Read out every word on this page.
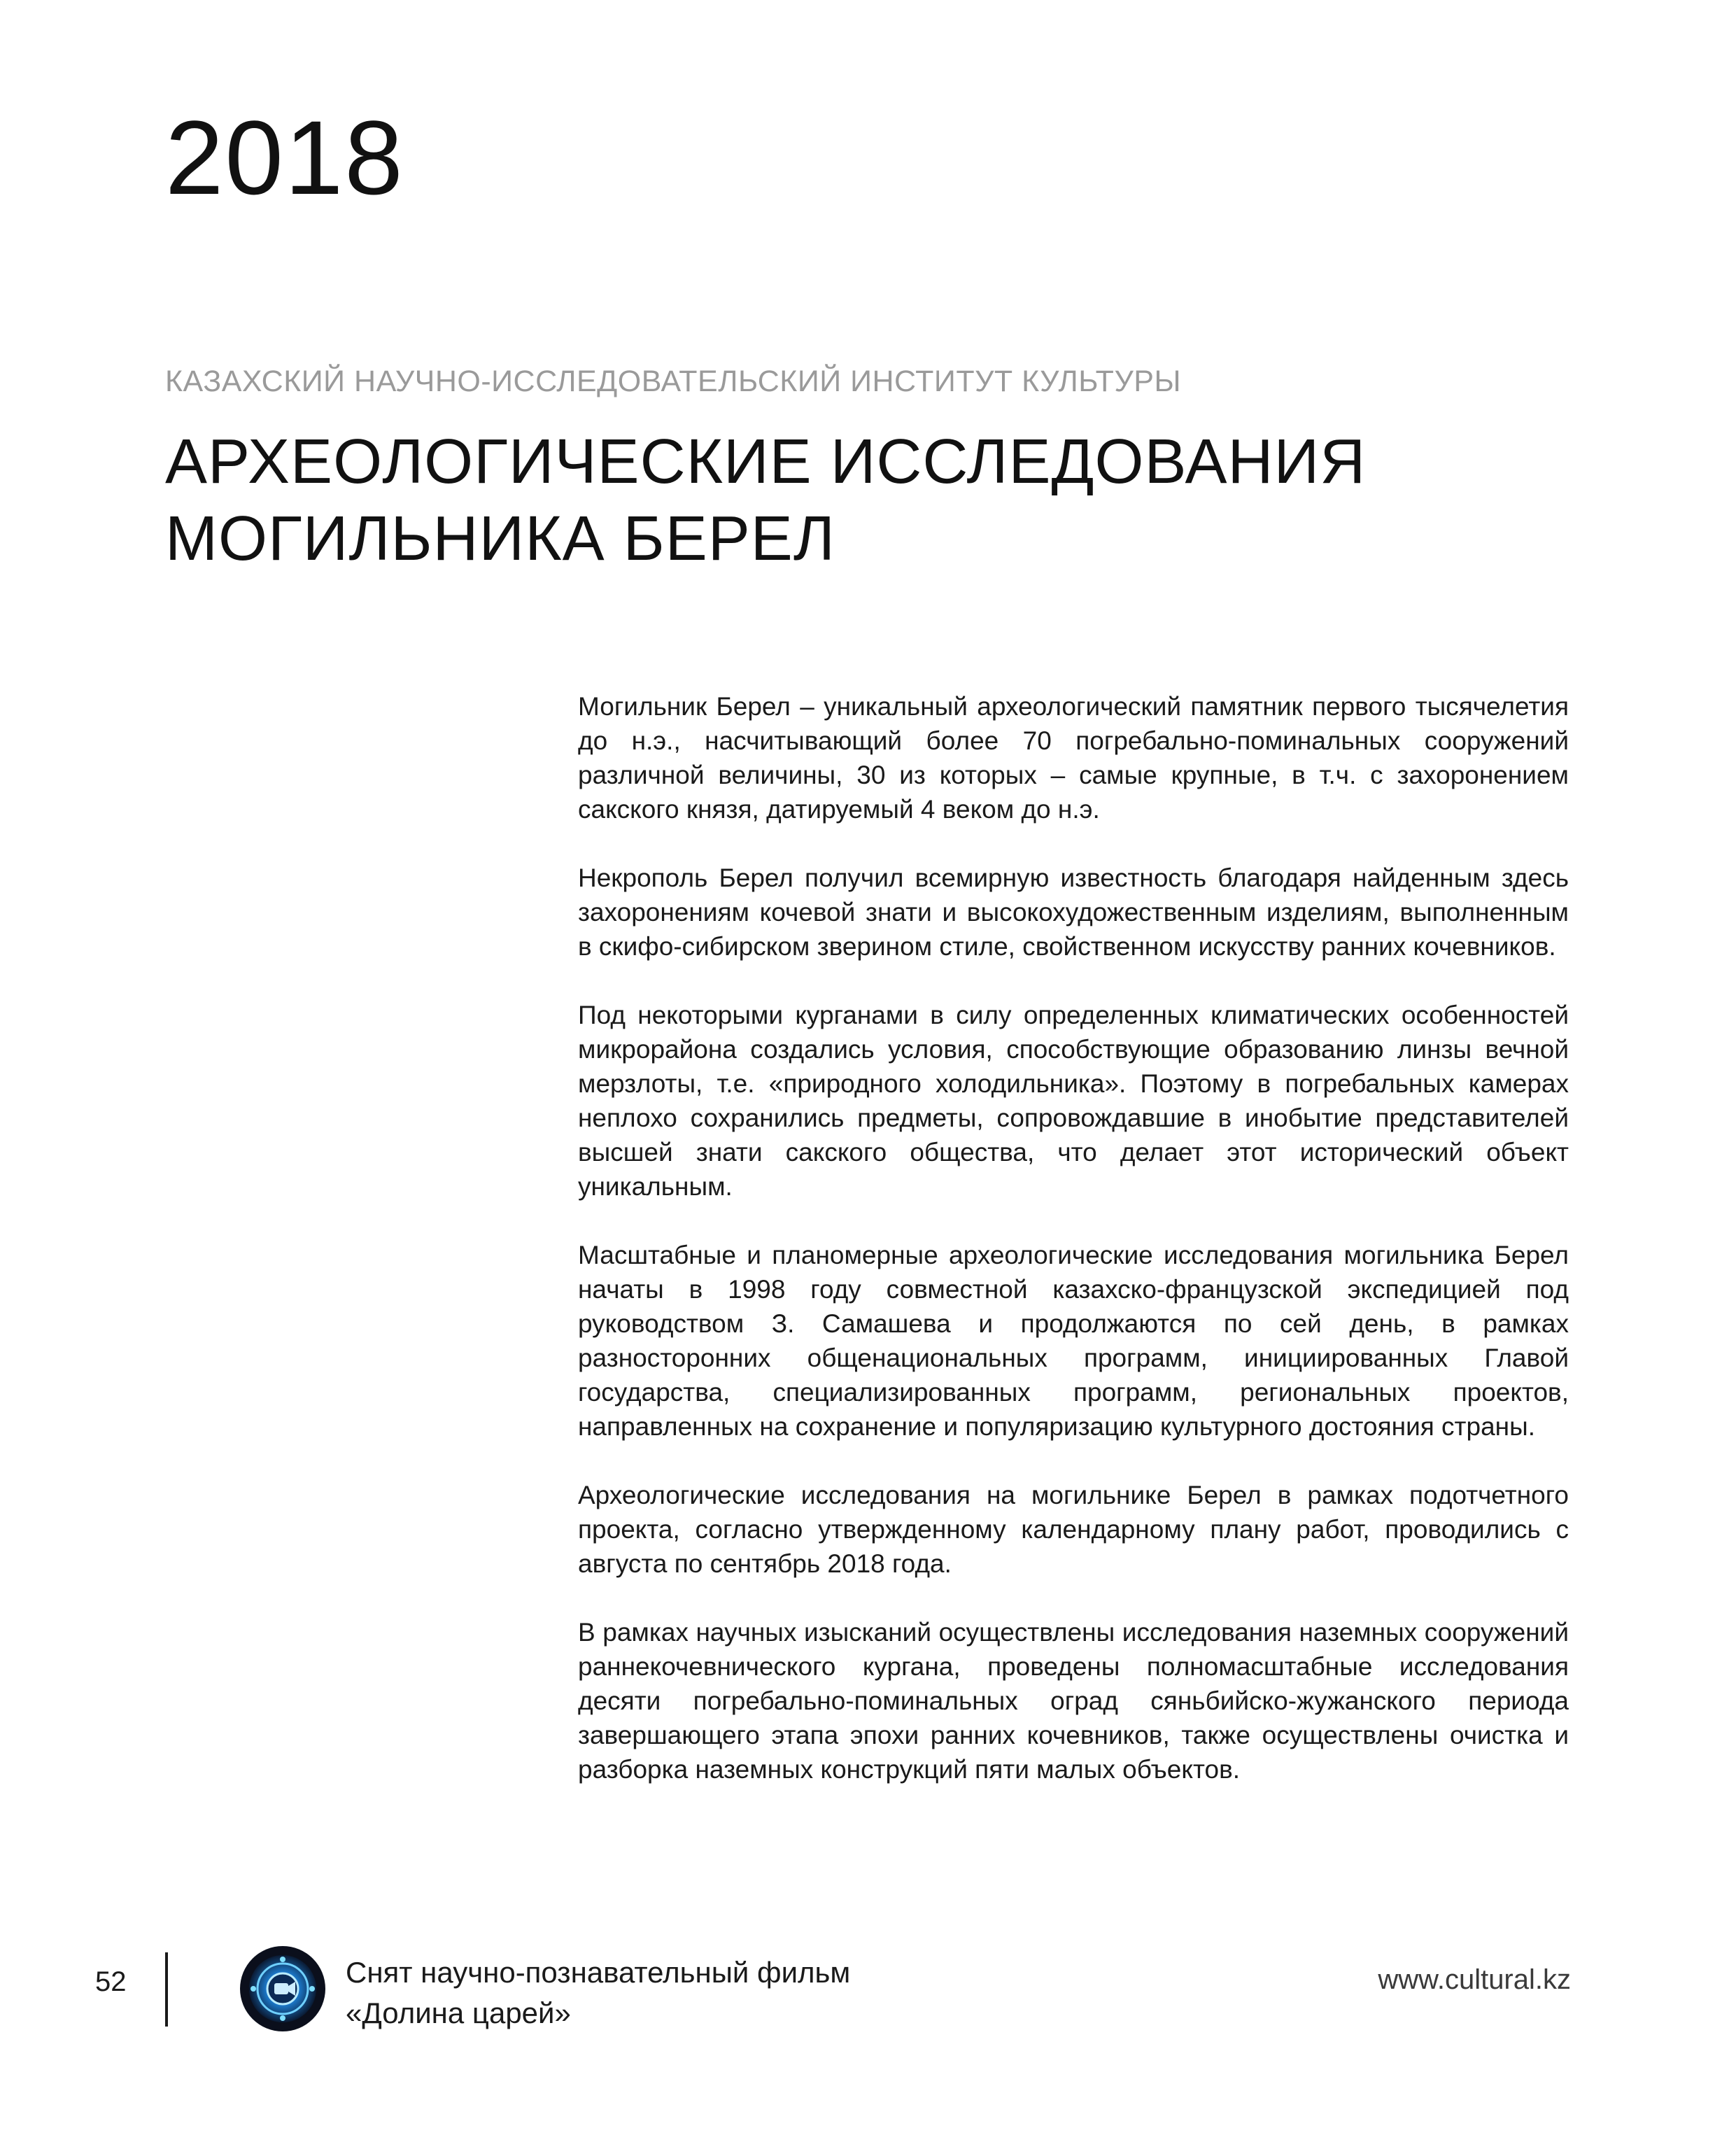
2018
КАЗАХСКИЙ НАУЧНО-ИССЛЕДОВАТЕЛЬСКИЙ ИНСТИТУТ КУЛЬТУРЫ
АРХЕОЛОГИЧЕСКИЕ ИССЛЕДОВАНИЯ
МОГИЛЬНИКА БЕРЕЛ

Могильник Берел – уникальный археологический памятник первого тысячелетия до н.э., насчитывающий более 70 погребально-поминальных сооружений различной величины, 30 из которых – самые крупные, в т.ч. с захоронением сакского князя, датируемый 4 веком до н.э.

Некрополь Берел получил всемирную известность благодаря найденным здесь захоронениям кочевой знати и высокохудожественным изделиям, выполненным в скифо-сибирском зверином стиле, свойственном искусству ранних кочевников.

Под некоторыми курганами в силу определенных климатических особенностей микрорайона создались условия, способствующие образованию линзы вечной мерзлоты, т.е. «природного холодильника». Поэтому в погребальных камерах неплохо сохранились предметы, сопровождавшие в инобытие представителей высшей знати сакского общества, что делает этот исторический объект уникальным.

Масштабные и планомерные археологические исследования могильника Берел начаты в 1998 году совместной казахско-французской экспедицией под руководством З. Самашева и продолжаются по сей день, в рамках разносторонних общенациональных программ, инициированных Главой государства, специализированных программ, региональных проектов, направленных на сохранение и популяризацию культурного достояния страны.

Археологические исследования на могильнике Берел в рамках подотчетного проекта, согласно утвержденному календарному плану работ, проводились с августа по сентябрь 2018 года.

В рамках научных изысканий осуществлены исследования наземных сооружений раннекочевнического кургана, проведены полномасштабные исследования десяти погребально-поминальных оград сяньбийско-жужанского периода завершающего этапа эпохи ранних кочевников, также осуществлены очистка и разборка наземных конструкций пяти малых объектов.

52	Снят научно-познавательный фильм
«Долина царей»
www.cultural.kz
